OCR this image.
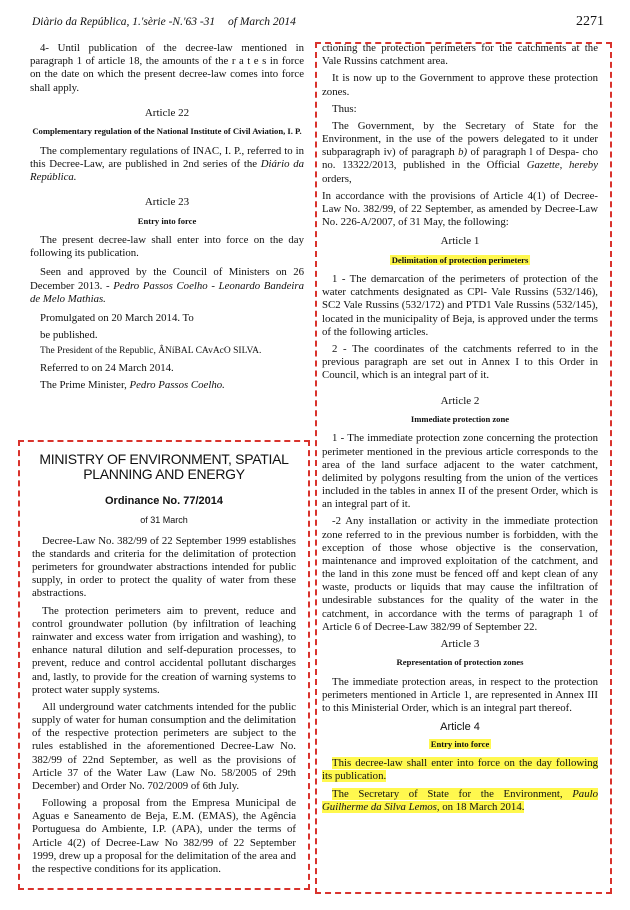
Diàrio da República, 1.'sèrie -N.'63 -31 of March 2014	2271

4- Until publication of the decree-law mentioned in paragraph 1 of article 18, the amounts of the r a t e s in force on the date on which the present decree-law comes into force shall apply.

Article 22
Complementary regulation of the National Institute of Civil Aviation, I. P.

The complementary regulations of INAC, I. P., referred to in this Decree-Law, are published in 2nd series of the Diário da República.

Article 23
Entry into force

The present decree-law shall enter into force on the day following its publication.

Seen and approved by the Council of Ministers on 26 December 2013. - Pedro Passos Coelho - Leonardo Bandeira de Melo Mathias.

Promulgated on 20 March 2014. To

be published.

The President of the Republic, ÂNíBAL CAvAcO SILVA.

Referred to on 24 March 2014.

The Prime Minister, Pedro Passos Coelho.

MINISTRY OF ENVIRONMENT, SPATIAL PLANNING AND ENERGY
Ordinance No. 77/2014
of 31 March

Decree-Law No. 382/99 of 22 September 1999 establishes the standards and criteria for the delimitation of protection perimeters for groundwater abstractions intended for public supply, in order to protect the quality of water from these abstractions.

The protection perimeters aim to prevent, reduce and control groundwater pollution (by infiltration of leaching rainwater and excess water from irrigation and washing), to enhance natural dilution and self-depuration processes, to prevent, reduce and control accidental pollutant discharges and, lastly, to provide for the creation of warning systems to protect water supply systems.

All underground water catchments intended for the public supply of water for human consumption and the delimitation of the respective protection perimeters are subject to the rules established in the aforementioned Decree-Law No. 382/99 of 22nd September, as well as the provisions of Article 37 of the Water Law (Law No. 58/2005 of 29th December) and Order No. 702/2009 of 6th July.

Following a proposal from the Empresa Municipal de Aguas e Saneamento de Beja, E.M. (EMAS), the Agência Portuguesa do Ambiente, I.P. (APA), under the terms of Article 4(2) of Decree-Law No 382/99 of 22 September 1999, drew up a proposal for the delimitation of the area and the respective conditions for its application.

ctioning the protection perimeters for the catchments at the Vale Russins catchment area.

It is now up to the Government to approve these protection zones.

Thus:

The Government, by the Secretary of State for the Environment, in the use of the powers delegated to it under subparagraph iv) of paragraph b) of paragraph l of Despa- cho no. 13322/2013, published in the Official Gazette, hereby orders,

In accordance with the provisions of Article 4(1) of Decree-Law No. 382/99, of 22 September, as amended by Decree-Law No. 226-A/2007, of 31 May, the following:

Article 1
Delimitation of protection perimeters

1 - The demarcation of the perimeters of protection of the water catchments designated as CPl- Vale Russins (532/146), SC2 Vale Russins (532/172) and PTD1 Vale Russins (532/145), located in the municipality of Beja, is approved under the terms of the following articles.

2 - The coordinates of the catchments referred to in the previous paragraph are set out in Annex I to this Order in Council, which is an integral part of it.

Article 2
Immediate protection zone

1 - The immediate protection zone concerning the protection perimeter mentioned in the previous article corresponds to the area of the land surface adjacent to the water catchment, delimited by polygons resulting from the union of the vertices included in the tables in annex II of the present Order, which is an integral part of it.

-2 Any installation or activity in the immediate protection zone referred to in the previous number is forbidden, with the exception of those whose objective is the conservation, maintenance and improved exploitation of the catchment, and the land in this zone must be fenced off and kept clean of any waste, products or liquids that may cause the infiltration of undesirable substances for the quality of the water in the catchment, in accordance with the terms of paragraph 1 of Article 6 of Decree-Law 382/99 of September 22.

Article 3
Representation of protection zones

The immediate protection areas, in respect to the protection perimeters mentioned in Article 1, are represented in Annex III to this Ministerial Order, which is an integral part thereof.

Article 4
Entry into force

This decree-law shall enter into force on the day following its publication.

The Secretary of State for the Environment, Paulo Guilherme da Silva Lemos, on 18 March 2014.
